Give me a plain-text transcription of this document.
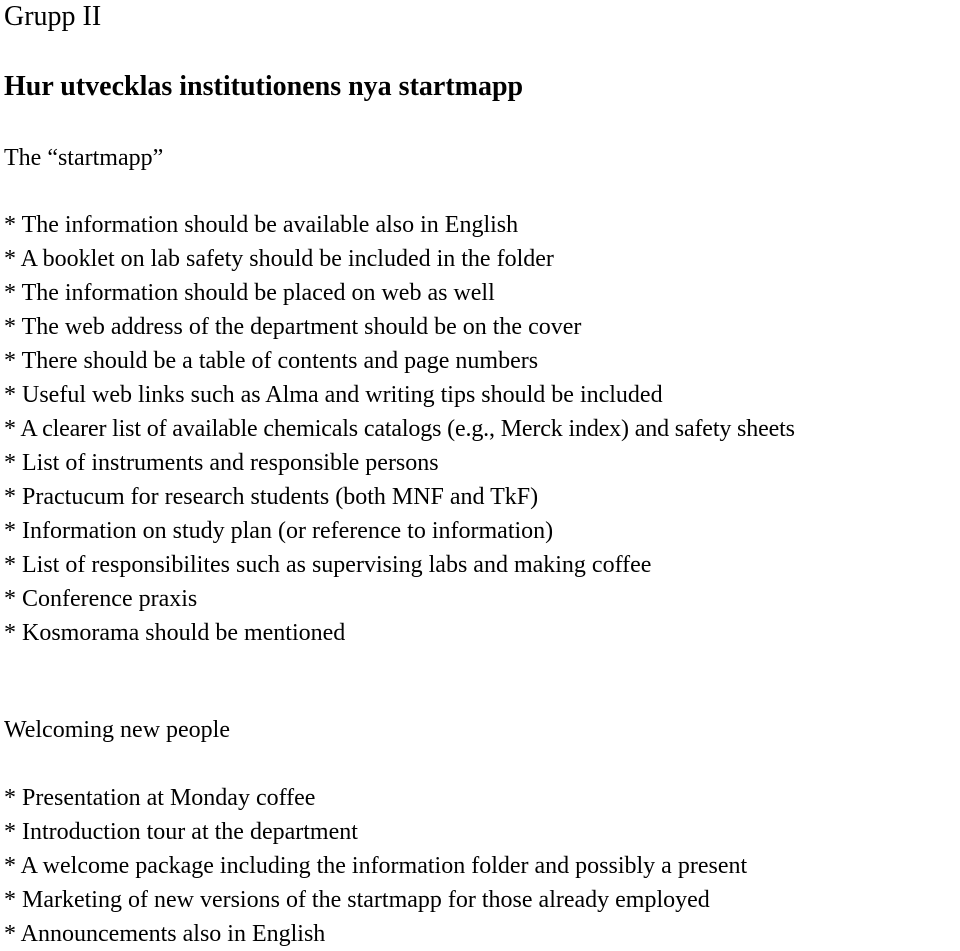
Grupp II
Hur utvecklas institutionens nya startmapp
The “startmapp”
* The information should be available also in English
* A booklet on lab safety should be included in the folder
* The information should be placed on web as well
* The web address of the department should be on the cover
* There should be a table of contents and page numbers
* Useful web links such as Alma and writing tips should be included
* A clearer list of available chemicals catalogs (e.g., Merck index) and safety sheets
* List of instruments and responsible persons
* Practucum for research students (both MNF and TkF)
* Information on study plan (or reference to information)
* List of responsibilites such as supervising labs and making coffee
* Conference praxis
* Kosmorama should be mentioned
Welcoming new people
* Presentation at Monday coffee
* Introduction tour at the department
* A welcome package including the information folder and possibly a present
* Marketing of new versions of the startmapp for those already employed
* Announcements also in English
